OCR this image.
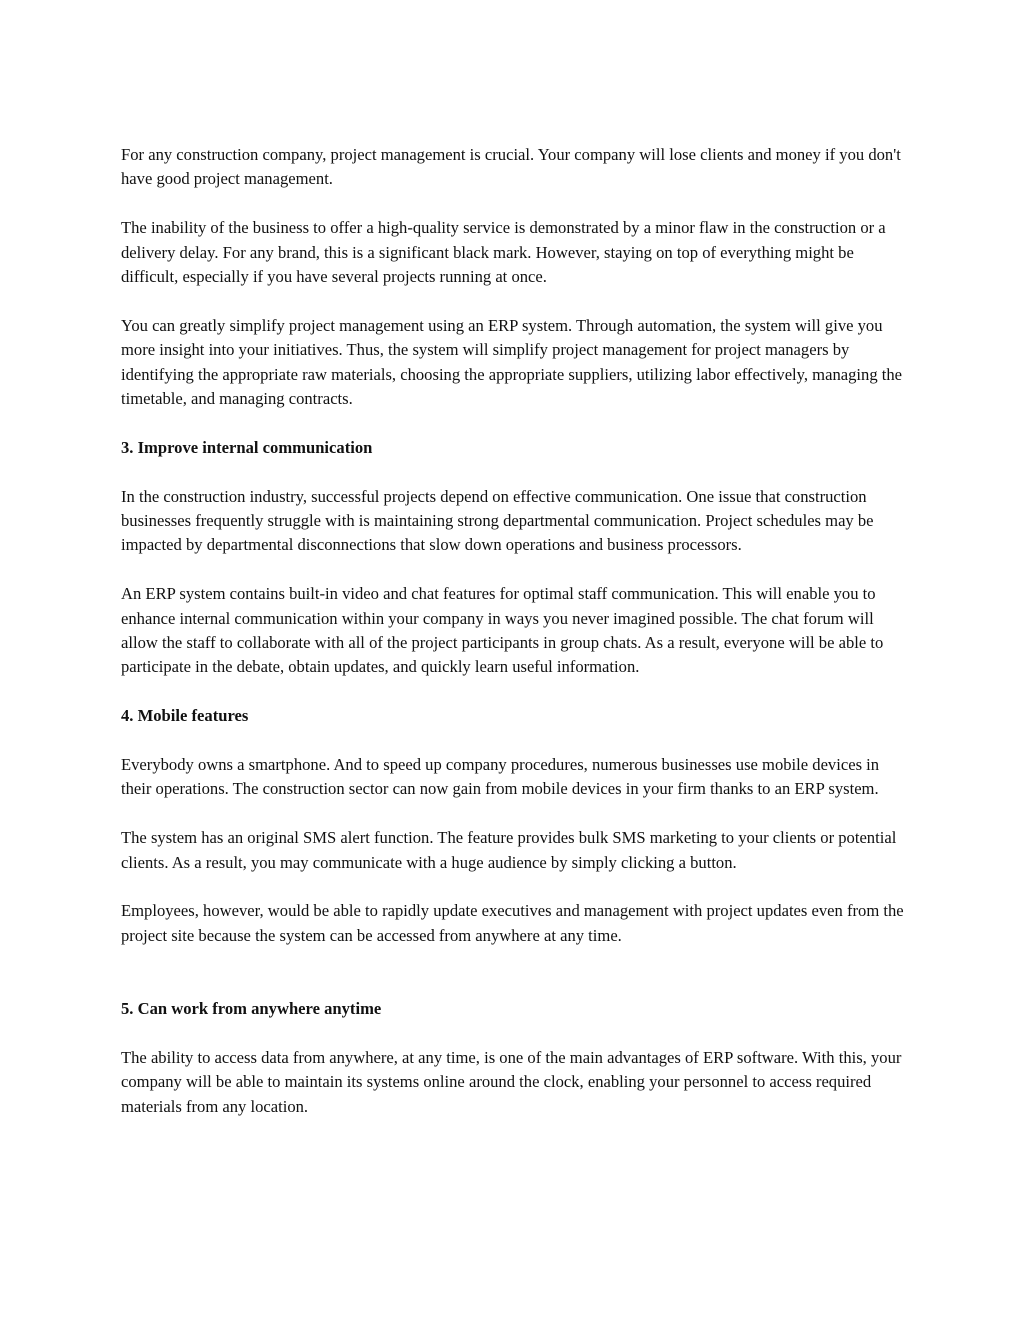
For any construction company, project management is crucial. Your company will lose clients and money if you don't have good project management.

The inability of the business to offer a high-quality service is demonstrated by a minor flaw in the construction or a delivery delay. For any brand, this is a significant black mark. However, staying on top of everything might be difficult, especially if you have several projects running at once.

You can greatly simplify project management using an ERP system. Through automation, the system will give you more insight into your initiatives. Thus, the system will simplify project management for project managers by identifying the appropriate raw materials, choosing the appropriate suppliers, utilizing labor effectively, managing the timetable, and managing contracts.

3. Improve internal communication

In the construction industry, successful projects depend on effective communication. One issue that construction businesses frequently struggle with is maintaining strong departmental communication. Project schedules may be impacted by departmental disconnections that slow down operations and business processors.

An ERP system contains built-in video and chat features for optimal staff communication. This will enable you to enhance internal communication within your company in ways you never imagined possible. The chat forum will allow the staff to collaborate with all of the project participants in group chats. As a result, everyone will be able to participate in the debate, obtain updates, and quickly learn useful information.

4. Mobile features

Everybody owns a smartphone. And to speed up company procedures, numerous businesses use mobile devices in their operations. The construction sector can now gain from mobile devices in your firm thanks to an ERP system.

The system has an original SMS alert function. The feature provides bulk SMS marketing to your clients or potential clients. As a result, you may communicate with a huge audience by simply clicking a button.

Employees, however, would be able to rapidly update executives and management with project updates even from the project site because the system can be accessed from anywhere at any time.

5. Can work from anywhere anytime

The ability to access data from anywhere, at any time, is one of the main advantages of ERP software. With this, your company will be able to maintain its systems online around the clock, enabling your personnel to access required materials from any location.
